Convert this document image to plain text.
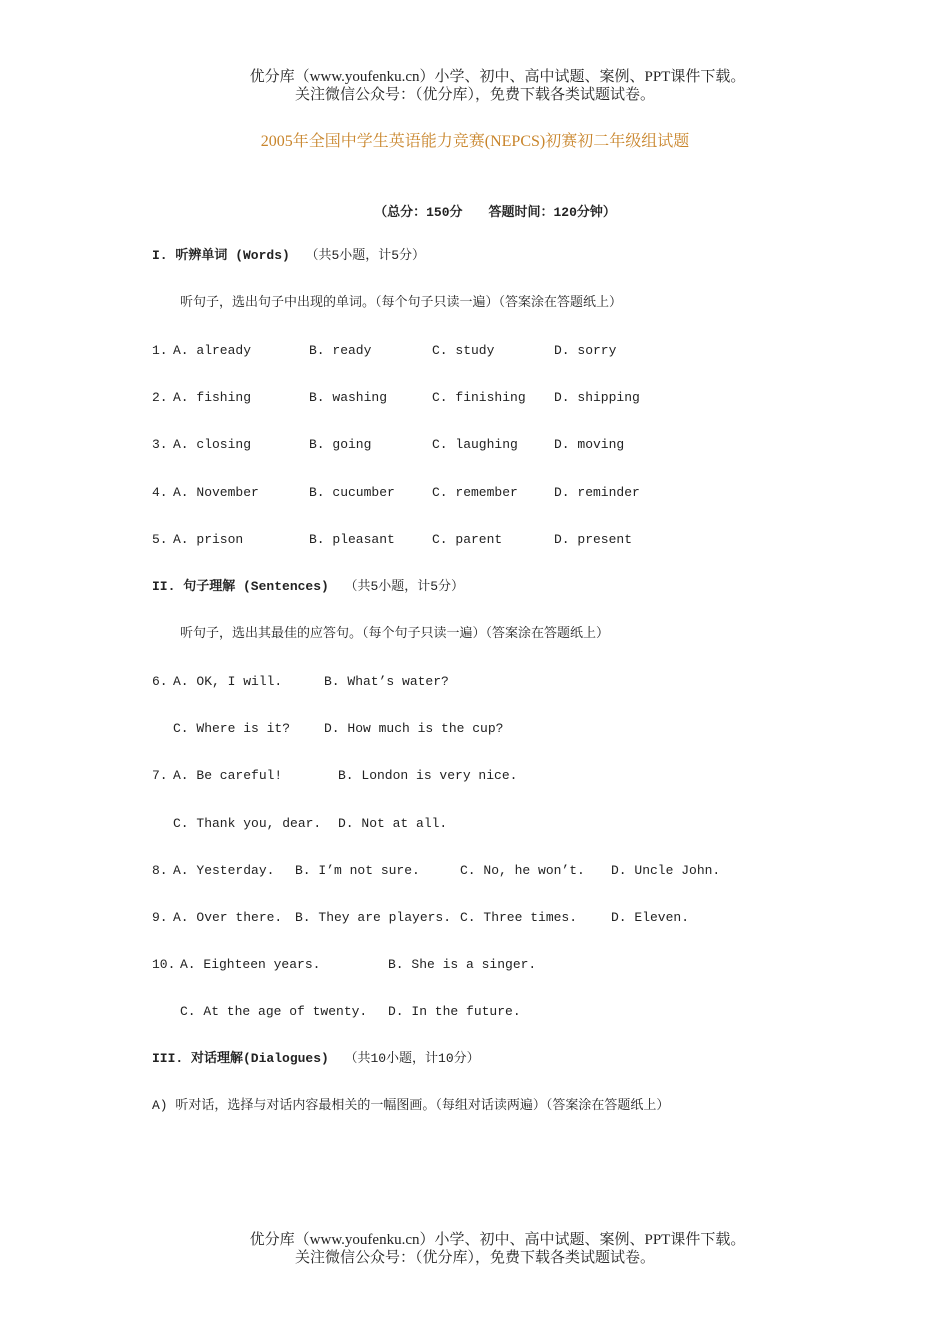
优分库（www.youfenku.cn）小学、初中、高中试题、案例、PPT课件下载。
关注微信公众号：（优分库），免费下载各类试题试卷。
2005年全国中学生英语能力竞赛(NEPCS)初赛初二年级组试题
（总分：150分 答题时间：120分钟）
I. 听辨单词 (Words) （共5小题，计5分）
听句子，选出句子中出现的单词。（每个句子只读一遍）（答案涂在答题纸上）
1. A. already	B. ready	C. study	D. sorry
2. A. fishing	B. washing	C. finishing D. shipping
3. A. closing	B. going	C. laughing	D. moving
4. A. November	B. cucumber	C. remember	D. reminder
5. A. prison	B. pleasant	C. parent	D. present
II. 句子理解 (Sentences) （共5小题，计5分）
听句子，选出其最佳的应答句。（每个句子只读一遍）（答案涂在答题纸上）
6. A. OK, I will.	B. What’s water?
C. Where is it?	D. How much is the cup?
7. A. Be careful!	B. London is very nice.
C. Thank you, dear. D. Not at all.
8. A. Yesterday. B. I’m not sure.	C. No, he won’t. D. Uncle John.
9. A. Over there. B. They are players. C. Three times.	D. Eleven.
10. A. Eighteen years.	B. She is a singer.
C. At the age of twenty. D. In the future.
III. 对话理解(Dialogues) （共10小题，计10分）
A) 听对话，选择与对话内容最相关的一幅图画。（每组对话读两遍）（答案涂在答题纸上）
优分库（www.youfenku.cn）小学、初中、高中试题、案例、PPT课件下载。
关注微信公众号：（优分库），免费下载各类试题试卷。
